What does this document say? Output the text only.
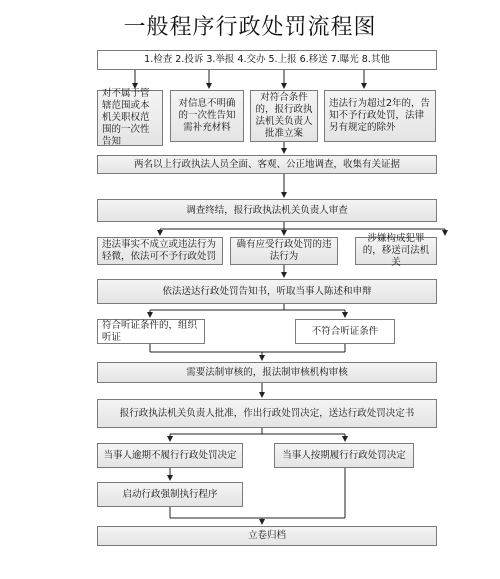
一般程序行政处罚流程图
1.检查 2.投诉 3.举报 4.交办 5.上报 6.移送 7.曝光 8.其他
对不属于管辖范围或本机关职权范围的一次性告知
对信息不明确的一次性告知需补充材料
对符合条件的，报行政执法机关负责人批准立案
违法行为超过2年的，告知不予行政处罚，法律另有规定的除外
两名以上行政执法人员全面、客观、公正地调查，收集有关证据
调查终结，报行政执法机关负责人审查
违法事实不成立或违法行为轻微，依法可不予行政处罚
确有应受行政处罚的违法行为
涉嫌构成犯罪的，移送司法机关
依法送达行政处罚告知书，听取当事人陈述和申辩
符合听证条件的，组织听证
不符合听证条件
需要法制审核的，报法制审核机构审核
报行政执法机关负责人批准，作出行政处罚决定，送达行政处罚决定书
当事人逾期不履行行政处罚决定	当事人按期履行行政处罚决定
启动行政强制执行程序
立卷归档
